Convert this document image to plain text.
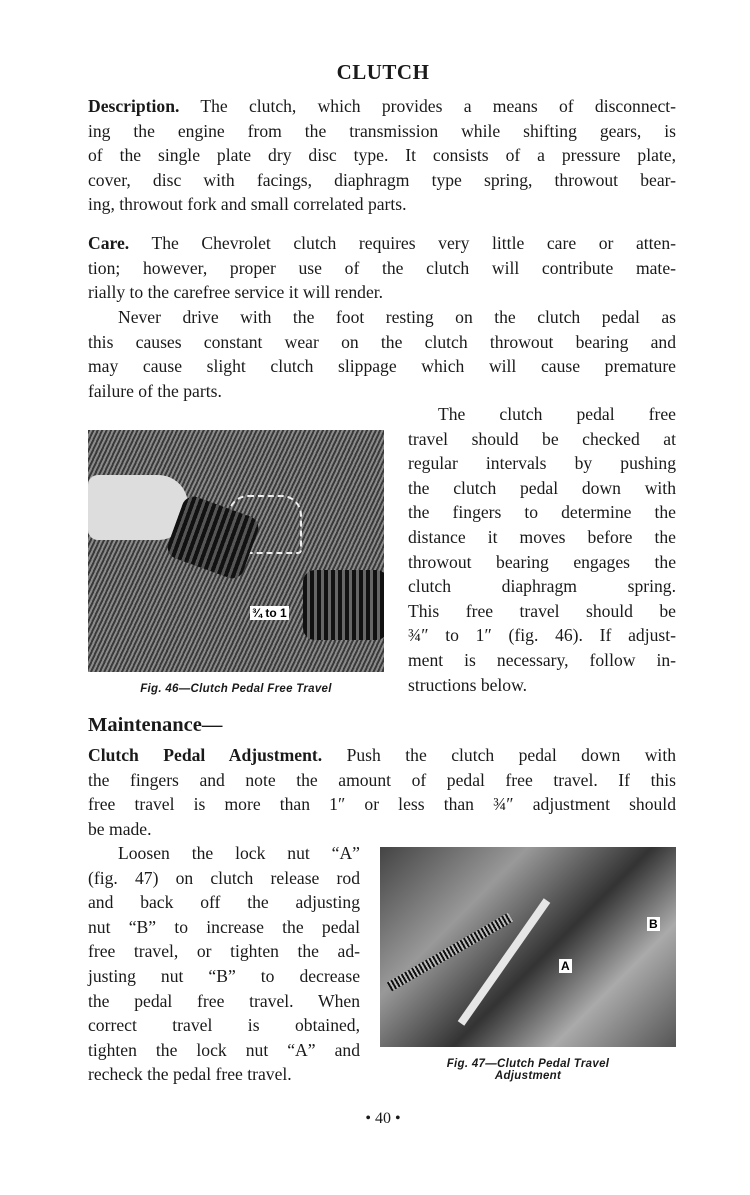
CLUTCH
Description. The clutch, which provides a means of disconnect-
ing the engine from the transmission while shifting gears, is
of the single plate dry disc type. It consists of a pressure plate,
cover, disc with facings, diaphragm type spring, throwout bear-
ing, throwout fork and small correlated parts.
Care. The Chevrolet clutch requires very little care or atten-
tion; however, proper use of the clutch will contribute mate-
rially to the carefree service it will render.
Never drive with the foot resting on the clutch pedal as
this causes constant wear on the clutch throwout bearing and
may cause slight clutch slippage which will cause premature
failure of the parts.
¾ to 1
Fig. 46—Clutch Pedal Free Travel
The clutch pedal free
travel should be checked at
regular intervals by pushing
the clutch pedal down with
the fingers to determine the
distance it moves before the
throwout bearing engages the
clutch diaphragm spring.
This free travel should be
¾″ to 1″ (fig. 46). If adjust-
ment is necessary, follow in-
structions below.
Maintenance—
Clutch Pedal Adjustment. Push the clutch pedal down with
the fingers and note the amount of pedal free travel. If this
free travel is more than 1″ or less than ¾″ adjustment should
be made.
Loosen the lock nut “A”
(fig. 47) on clutch release rod
and back off the adjusting
nut “B” to increase the pedal
free travel, or tighten the ad-
justing nut “B” to decrease
the pedal free travel. When
correct travel is obtained,
tighten the lock nut “A” and
recheck the pedal free travel.
A
B
Fig. 47—Clutch Pedal Travel
Adjustment
• 40 •
